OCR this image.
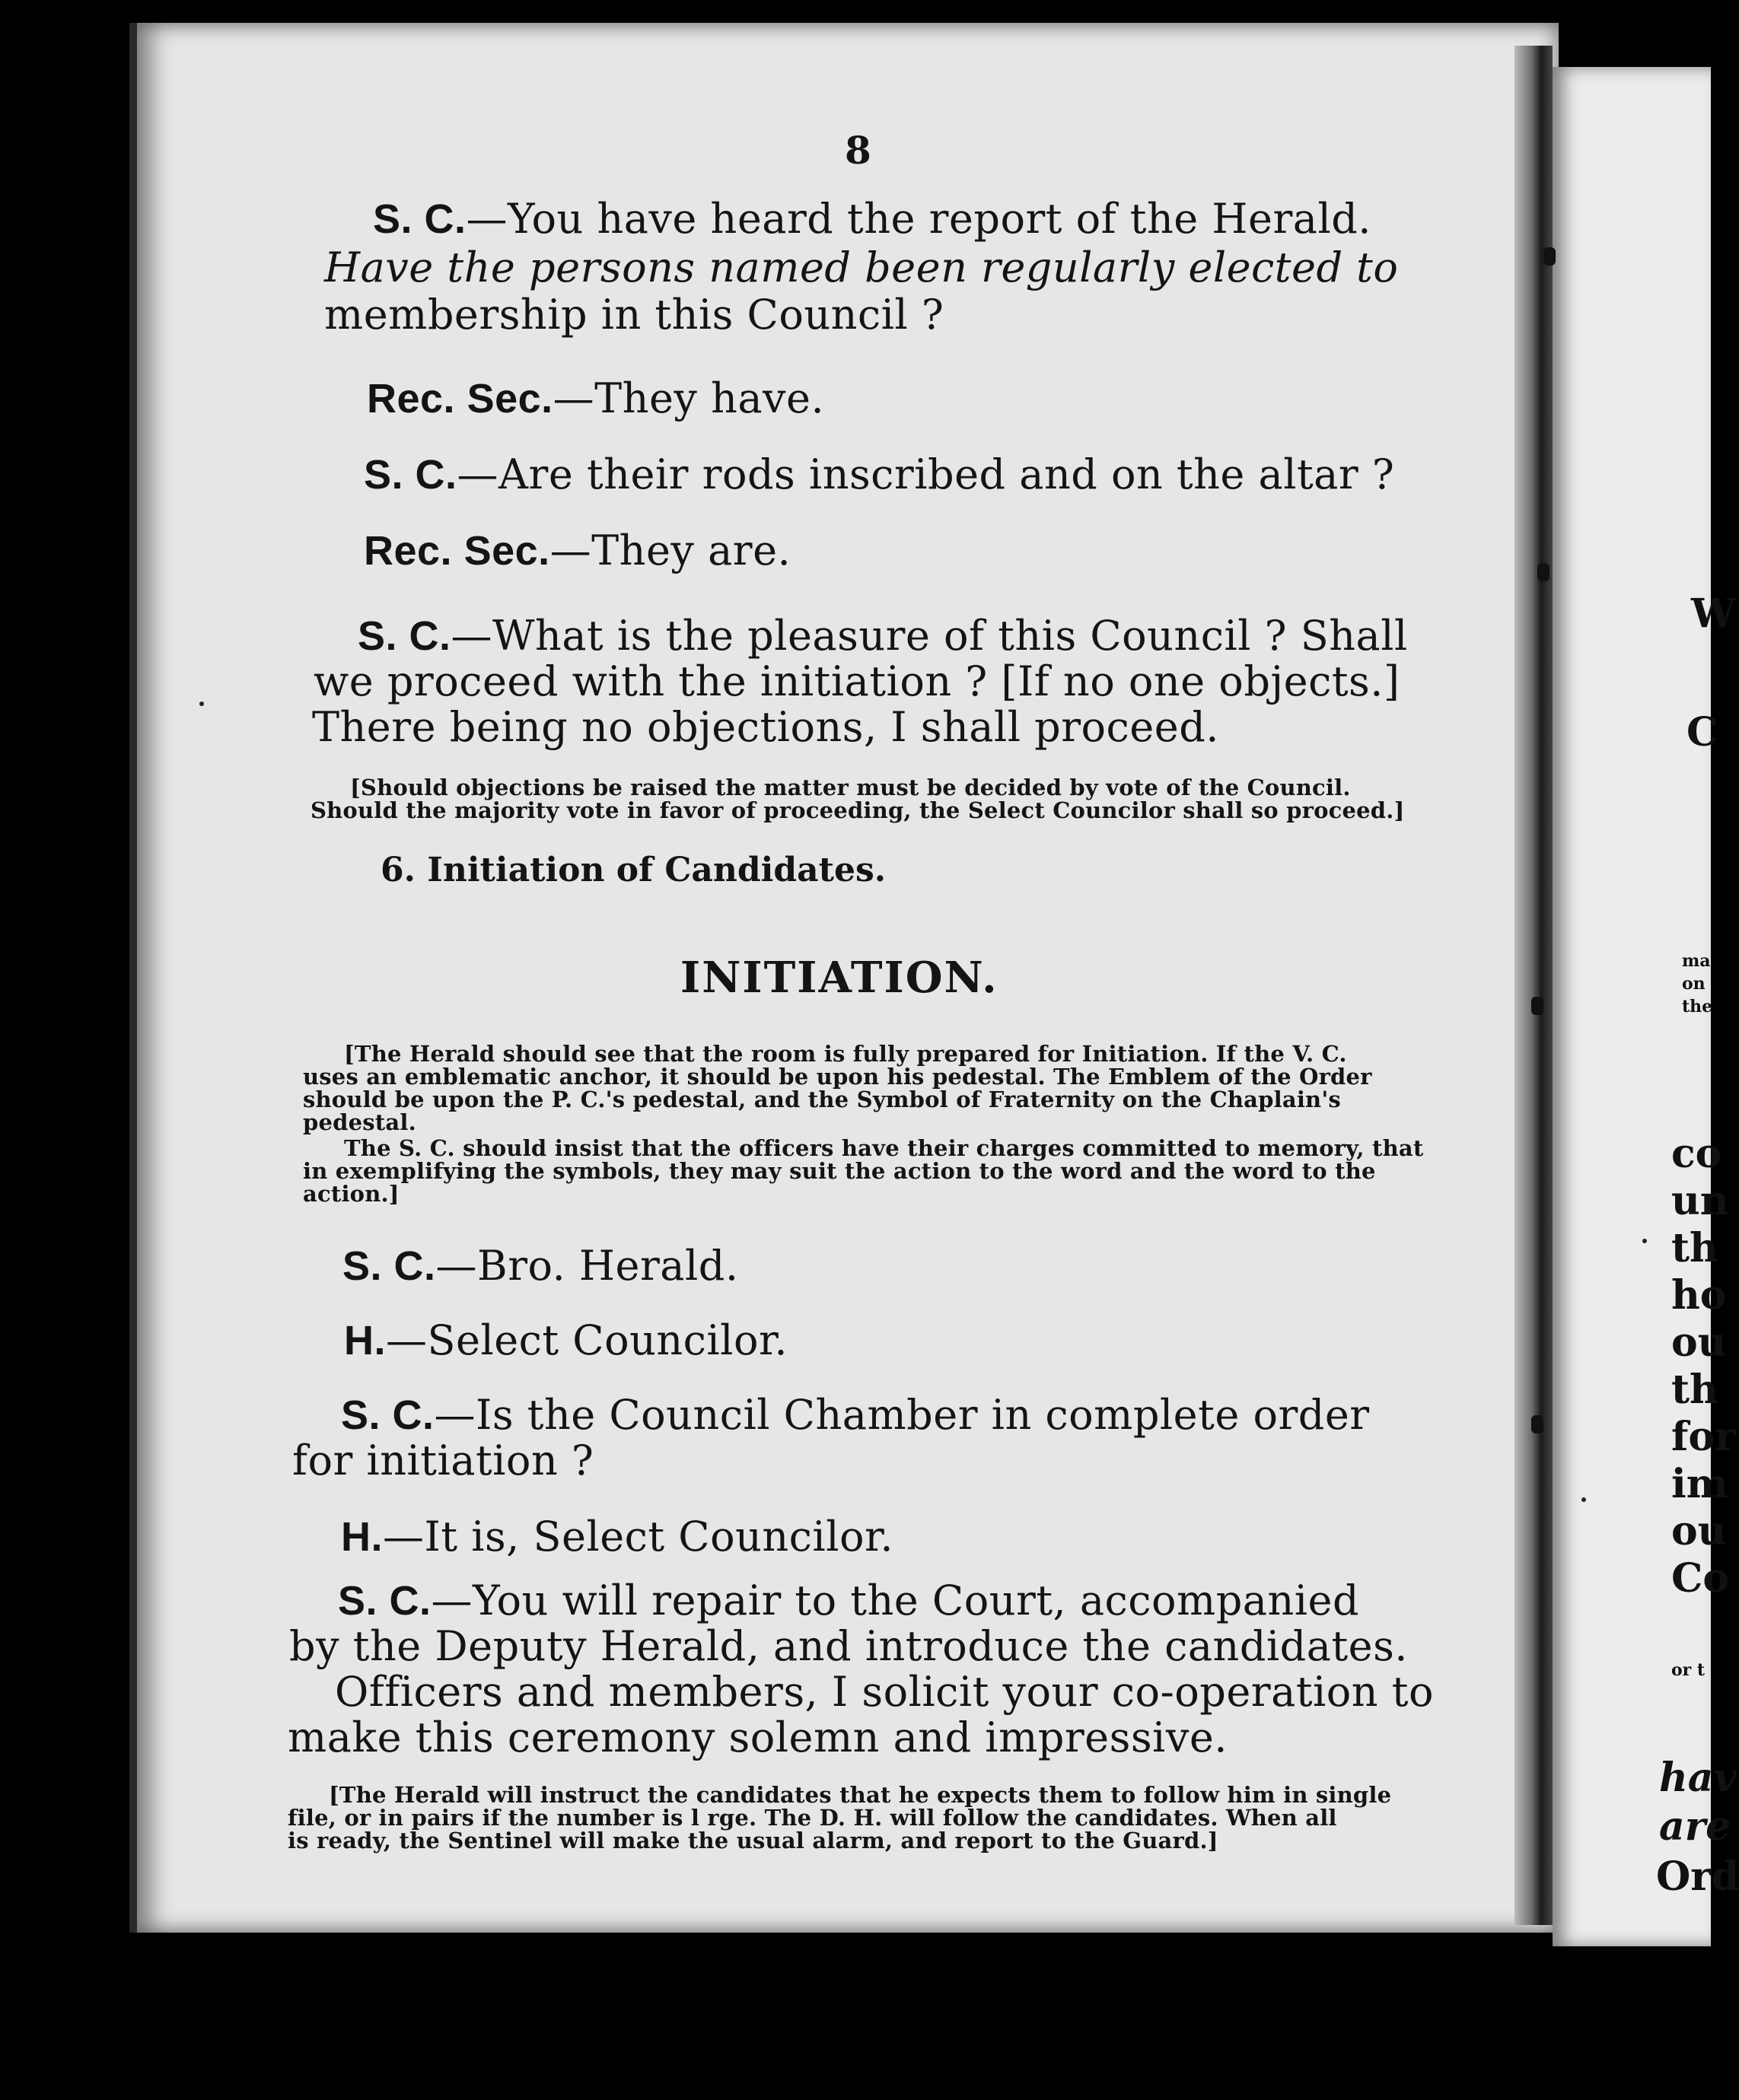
8
S. C.—You have heard the report of the Herald.
Have the persons named been regularly elected to
membership in this Council ?
Rec. Sec.—They have.
S. C.—Are their rods inscribed and on the altar ?
Rec. Sec.—They are.
S. C.—What is the pleasure of this Council ? Shall
we proceed with the initiation ? [If no one objects.]
There being no objections, I shall proceed.
[Should objections be raised the matter must be decided by vote of the Council.
Should the majority vote in favor of proceeding, the Select Councilor shall so proceed.]
6. Initiation of Candidates.
INITIATION.
[The Herald should see that the room is fully prepared for Initiation. If the V. C.
uses an emblematic anchor, it should be upon his pedestal. The Emblem of the Order
should be upon the P. C.'s pedestal, and the Symbol of Fraternity on the Chaplain's
pedestal.
The S. C. should insist that the officers have their charges committed to memory, that
in exemplifying the symbols, they may suit the action to the word and the word to the
action.]
S. C.—Bro. Herald.
H.—Select Councilor.
S. C.—Is the Council Chamber in complete order
for initiation ?
H.—It is, Select Councilor.
S. C.—You will repair to the Court, accompanied
by the Deputy Herald, and introduce the candidates.
Officers and members, I solicit your co-operation to
make this ceremony solemn and impressive.
[The Herald will instruct the candidates that he expects them to follow him in single
file, or in pairs if the number is l rge. The D. H. will follow the candidates. When all
is ready, the Sentinel will make the usual alarm, and report to the Guard.]
W
C
ma
on
the
co
un
th
ho
ou
th
for
im
ou
Co
or t
hav
are
Ord
